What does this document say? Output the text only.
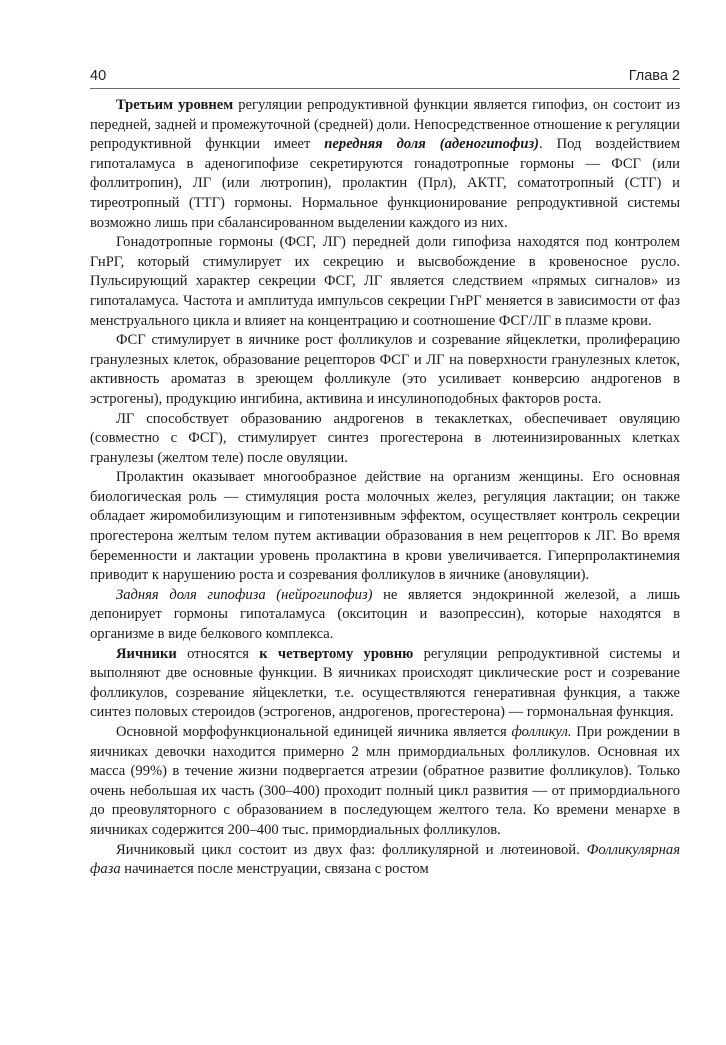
40	Глава 2

Третьим уровнем регуляции репродуктивной функции является гипофиз, он состоит из передней, задней и промежуточной (средней) доли. Непосредственное отношение к регуляции репродуктивной функции имеет передняя доля (аденогипофиз). Под воздействием гипоталамуса в аденогипофизе секретируются гонадотропные гормоны — ФСГ (или фоллитропин), ЛГ (или лютропин), пролактин (Прл), АКТГ, соматотропный (СТГ) и тиреотропный (ТТГ) гормоны. Нормальное функционирование репродуктивной системы возможно лишь при сбалансированном выделении каждого из них.

Гонадотропные гормоны (ФСГ, ЛГ) передней доли гипофиза находятся под контролем ГнРГ, который стимулирует их секрецию и высвобождение в кровеносное русло. Пульсирующий характер секреции ФСГ, ЛГ является следствием «прямых сигналов» из гипоталамуса. Частота и амплитуда импульсов секреции ГнРГ меняется в зависимости от фаз менструального цикла и влияет на концентрацию и соотношение ФСГ/ЛГ в плазме крови.

ФСГ стимулирует в яичнике рост фолликулов и созревание яйцеклетки, пролиферацию гранулезных клеток, образование рецепторов ФСГ и ЛГ на поверхности гранулезных клеток, активность ароматаз в зреющем фолликуле (это усиливает конверсию андрогенов в эстрогены), продукцию ингибина, активина и инсулиноподобных факторов роста.

ЛГ способствует образованию андрогенов в текаклетках, обеспечивает овуляцию (совместно с ФСГ), стимулирует синтез прогестерона в лютеинизированных клетках гранулезы (желтом теле) после овуляции.

Пролактин оказывает многообразное действие на организм женщины. Его основная биологическая роль — стимуляция роста молочных желез, регуляция лактации; он также обладает жиромобилизующим и гипотензивным эффектом, осуществляет контроль секреции прогестерона желтым телом путем активации образования в нем рецепторов к ЛГ. Во время беременности и лактации уровень пролактина в крови увеличивается. Гиперпролактинемия приводит к нарушению роста и созревания фолликулов в яичнике (ановуляции).

Задняя доля гипофиза (нейрогипофиз) не является эндокринной железой, а лишь депонирует гормоны гипоталамуса (окситоцин и вазопрессин), которые находятся в организме в виде белкового комплекса.

Яичники относятся к четвертому уровню регуляции репродуктивной системы и выполняют две основные функции. В яичниках происходят циклические рост и созревание фолликулов, созревание яйцеклетки, т.е. осуществляются генеративная функция, а также синтез половых стероидов (эстрогенов, андрогенов, прогестерона) — гормональная функция.

Основной морфофункциональной единицей яичника является фолликул. При рождении в яичниках девочки находится примерно 2 млн примордиальных фолликулов. Основная их масса (99%) в течение жизни подвергается атрезии (обратное развитие фолликулов). Только очень небольшая их часть (300–400) проходит полный цикл развития — от примордиального до преовуляторного с образованием в последующем желтого тела. Ко времени менархе в яичниках содержится 200–400 тыс. примордиальных фолликулов.

Яичниковый цикл состоит из двух фаз: фолликулярной и лютеиновой. Фолликулярная фаза начинается после менструации, связана с ростом
